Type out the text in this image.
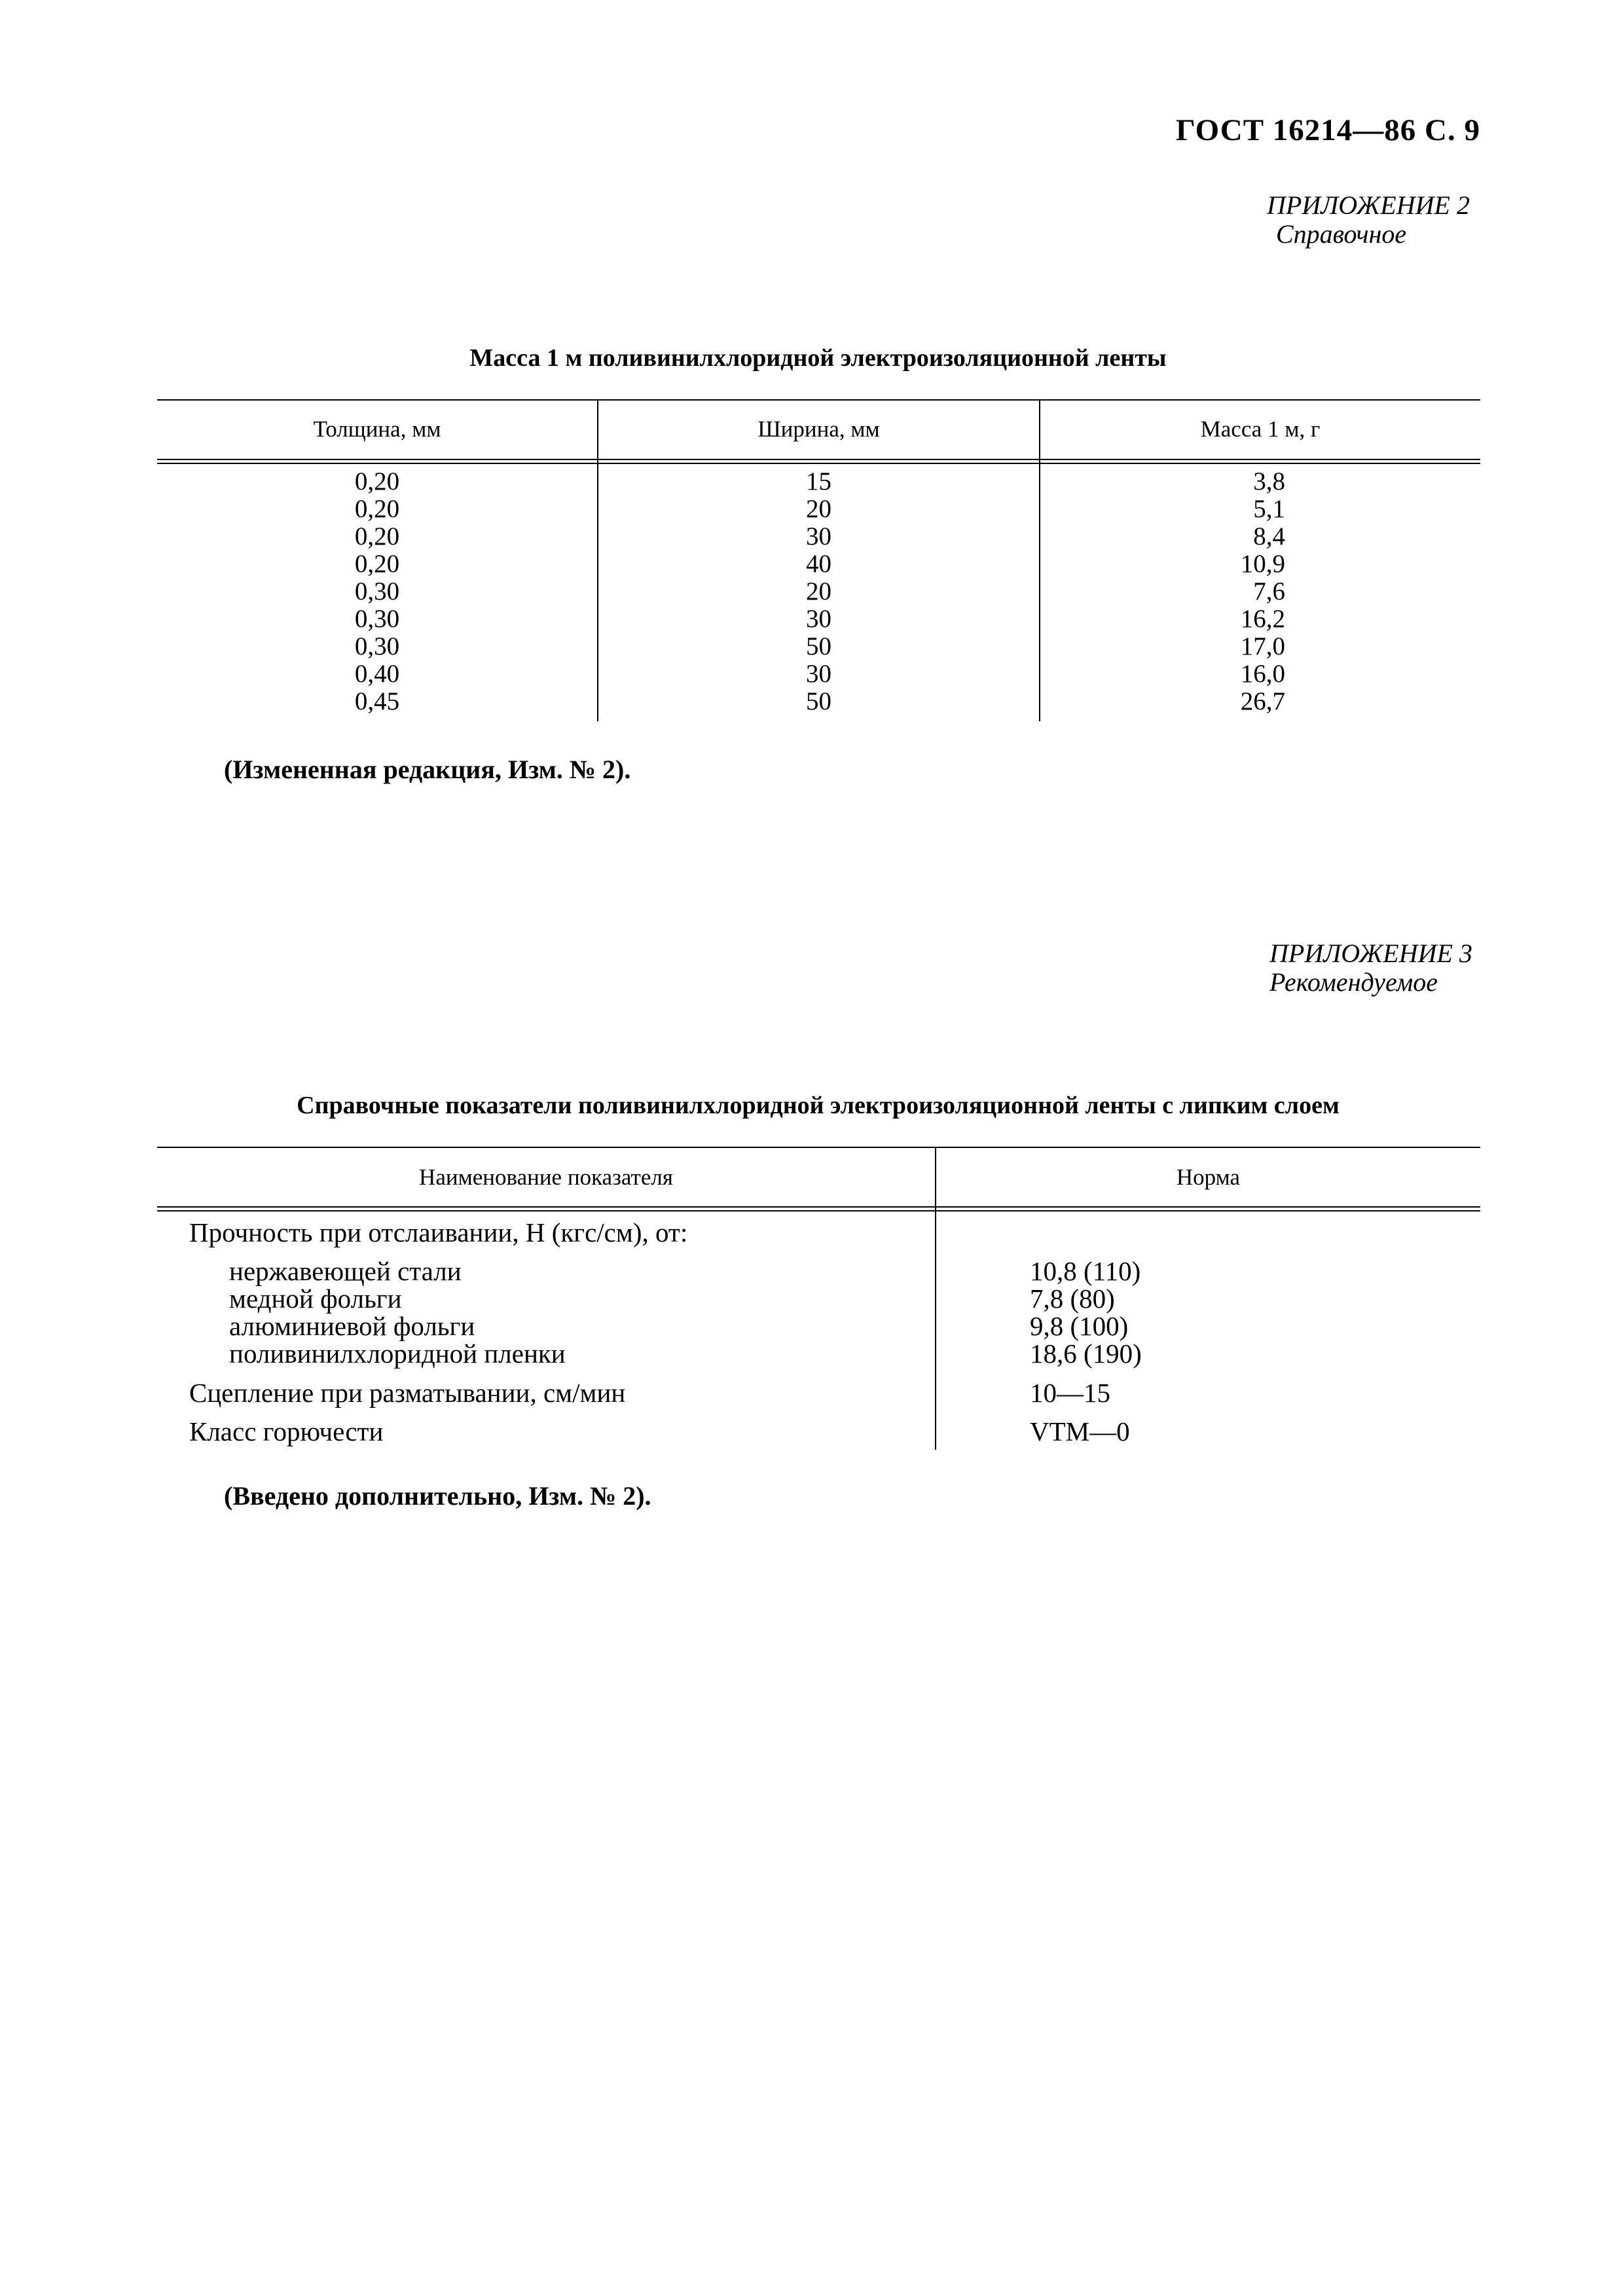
ГОСТ 16214—86 С. 9
ПРИЛОЖЕНИЕ 2
Справочное
Масса 1 м поливинилхлоридной электроизоляционной ленты
Толщина, мм	Ширина, мм	Масса 1 м, г
0,20	15	3,8
0,20	20	5,1
0,20	30	8,4
0,20	40	10,9
0,30	20	7,6
0,30	30	16,2
0,30	50	17,0
0,40	30	16,0
0,45	50	26,7
(Измененная редакция, Изм. № 2).
ПРИЛОЖЕНИЕ 3
Рекомендуемое
Справочные показатели поливинилхлоридной электроизоляционной ленты с липким слоем
Наименование показателя	Норма
Прочность при отслаивании, Н (кгс/см), от:
нержавеющей стали	10,8 (110)
медной фольги	7,8 (80)
алюминиевой фольги	9,8 (100)
поливинилхлоридной пленки	18,6 (190)
Сцепление при разматывании, см/мин	10—15
Класс горючести	VTM—0
(Введено дополнительно, Изм. № 2).
